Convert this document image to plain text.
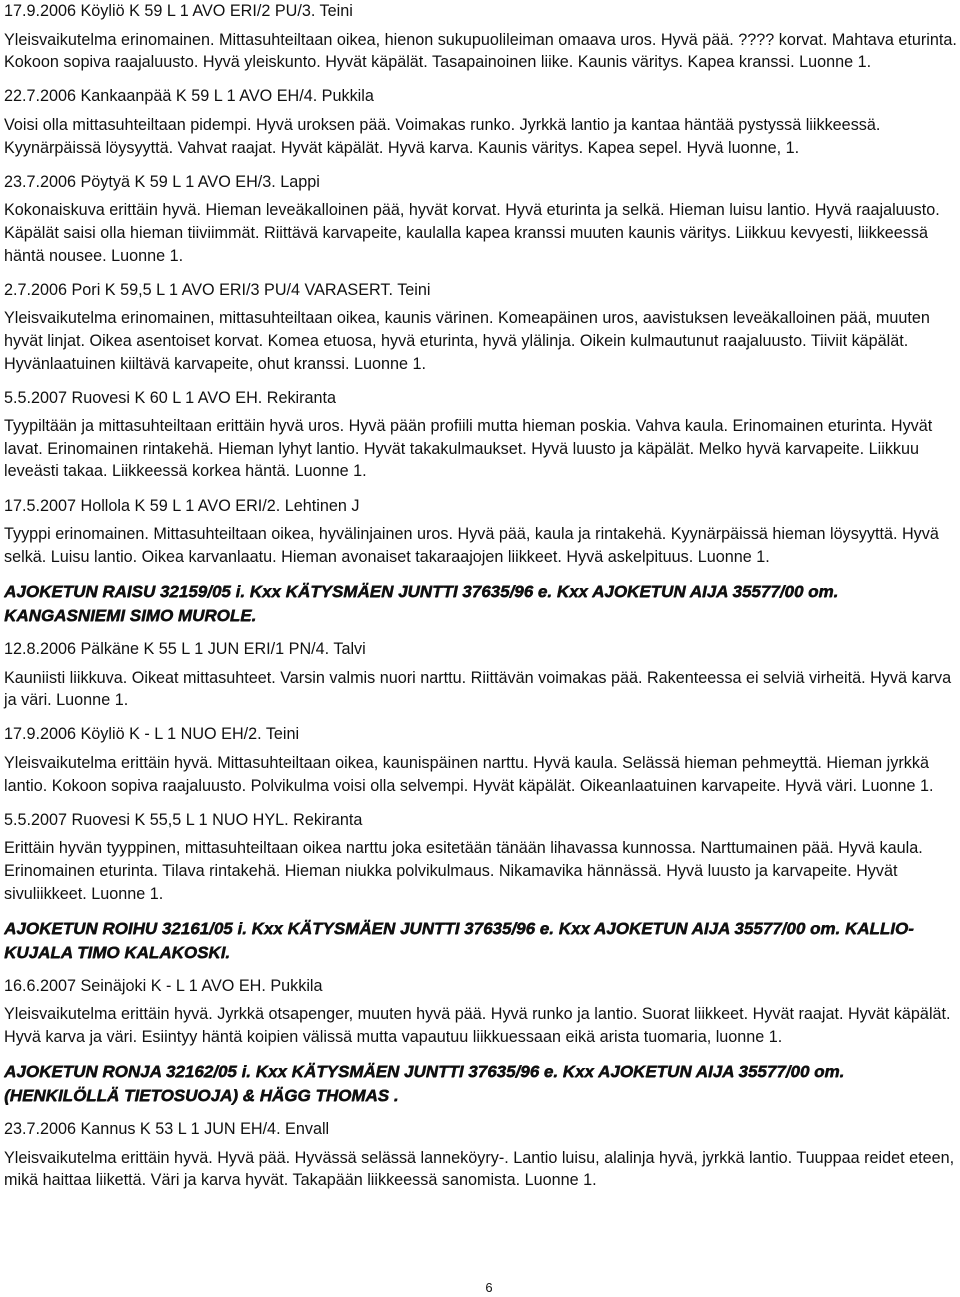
17.9.2006 Köyliö K 59 L 1 AVO ERI/2 PU/3. Teini

Yleisvaikutelma erinomainen. Mittasuhteiltaan oikea, hienon sukupuolileiman omaava uros. Hyvä pää. ???? korvat. Mahtava eturinta. Kokoon sopiva raajaluusto. Hyvä yleiskunto. Hyvät käpälät. Tasapainoinen liike. Kaunis väritys. Kapea kranssi. Luonne 1.

22.7.2006 Kankaanpää K 59 L 1 AVO EH/4. Pukkila

Voisi olla mittasuhteiltaan pidempi. Hyvä uroksen pää. Voimakas runko. Jyrkkä lantio ja kantaa häntää pystyssä liikkeessä. Kyynärpäissä löysyyttä. Vahvat raajat. Hyvät käpälät. Hyvä karva. Kaunis väritys. Kapea sepel. Hyvä luonne, 1.

23.7.2006 Pöytyä K 59 L 1 AVO EH/3. Lappi

Kokonaiskuva erittäin hyvä. Hieman leveäkalloinen pää, hyvät korvat. Hyvä eturinta ja selkä. Hieman luisu lantio. Hyvä raajaluusto. Käpälät saisi olla hieman tiiviimmät. Riittävä karvapeite, kaulalla kapea kranssi muuten kaunis väritys. Liikkuu kevyesti, liikkeessä häntä nousee. Luonne 1.

2.7.2006 Pori K 59,5 L 1 AVO ERI/3 PU/4 VARASERT. Teini

Yleisvaikutelma erinomainen, mittasuhteiltaan oikea, kaunis värinen. Komeapäinen uros, aavistuksen leveäkalloinen pää, muuten hyvät linjat. Oikea asentoiset korvat. Komea etuosa, hyvä eturinta, hyvä ylälinja. Oikein kulmautunut raajaluusto. Tiiviit käpälät. Hyvänlaatuinen kiiltävä karvapeite, ohut kranssi. Luonne 1.

5.5.2007 Ruovesi K 60 L 1 AVO EH. Rekiranta

Tyypiltään ja mittasuhteiltaan erittäin hyvä uros. Hyvä pään profiili mutta hieman poskia. Vahva kaula. Erinomainen eturinta. Hyvät lavat. Erinomainen rintakehä. Hieman lyhyt lantio. Hyvät takakulmaukset. Hyvä luusto ja käpälät. Melko hyvä karvapeite. Liikkuu leveästi takaa. Liikkeessä korkea häntä. Luonne 1.

17.5.2007 Hollola K 59 L 1 AVO ERI/2. Lehtinen J

Tyyppi erinomainen. Mittasuhteiltaan oikea, hyvälinjainen uros. Hyvä pää, kaula ja rintakehä. Kyynärpäissä hieman löysyyttä. Hyvä selkä. Luisu lantio. Oikea karvanlaatu. Hieman avonaiset takaraajojen liikkeet. Hyvä askelpituus. Luonne 1.

AJOKETUN RAISU 32159/05 i. Kxx KÄTYSMÄEN JUNTTI 37635/96 e. Kxx AJOKETUN AIJA 35577/00 om. KANGASNIEMI SIMO MUROLE.

12.8.2006 Pälkäne K 55 L 1 JUN ERI/1 PN/4. Talvi

Kauniisti liikkuva. Oikeat mittasuhteet. Varsin valmis nuori narttu. Riittävän voimakas pää. Rakenteessa ei selviä virheitä. Hyvä karva ja väri. Luonne 1.

17.9.2006 Köyliö K - L 1 NUO EH/2. Teini

Yleisvaikutelma erittäin hyvä. Mittasuhteiltaan oikea, kaunispäinen narttu. Hyvä kaula. Selässä hieman pehmeyttä. Hieman jyrkkä lantio. Kokoon sopiva raajaluusto. Polvikulma voisi olla selvempi. Hyvät käpälät. Oikeanlaatuinen karvapeite. Hyvä väri. Luonne 1.

5.5.2007 Ruovesi K 55,5 L 1 NUO HYL. Rekiranta

Erittäin hyvän tyyppinen, mittasuhteiltaan oikea narttu joka esitetään tänään lihavassa kunnossa. Narttumainen pää. Hyvä kaula. Erinomainen eturinta. Tilava rintakehä. Hieman niukka polvikulmaus. Nikamavika hännässä. Hyvä luusto ja karvapeite. Hyvät sivuliikkeet. Luonne 1.

AJOKETUN ROIHU 32161/05 i. Kxx KÄTYSMÄEN JUNTTI 37635/96 e. Kxx AJOKETUN AIJA 35577/00 om. KALLIO-KUJALA TIMO KALAKOSKI.

16.6.2007 Seinäjoki K - L 1 AVO EH. Pukkila

Yleisvaikutelma erittäin hyvä. Jyrkkä otsapenger, muuten hyvä pää. Hyvä runko ja lantio. Suorat liikkeet. Hyvät raajat. Hyvät käpälät. Hyvä karva ja väri. Esiintyy häntä koipien välissä mutta vapautuu liikkuessaan eikä arista tuomaria, luonne 1.

AJOKETUN RONJA 32162/05 i. Kxx KÄTYSMÄEN JUNTTI 37635/96 e. Kxx AJOKETUN AIJA 35577/00 om. (HENKILÖLLÄ TIETOSUOJA) & HÄGG THOMAS .

23.7.2006 Kannus K 53 L 1 JUN EH/4. Envall

Yleisvaikutelma erittäin hyvä. Hyvä pää. Hyvässä selässä lanneköyry-. Lantio luisu, alalinja hyvä, jyrkkä lantio. Tuuppaa reidet eteen, mikä haittaa liikettä. Väri ja karva hyvät. Takapään liikkeessä sanomista. Luonne 1.

6
